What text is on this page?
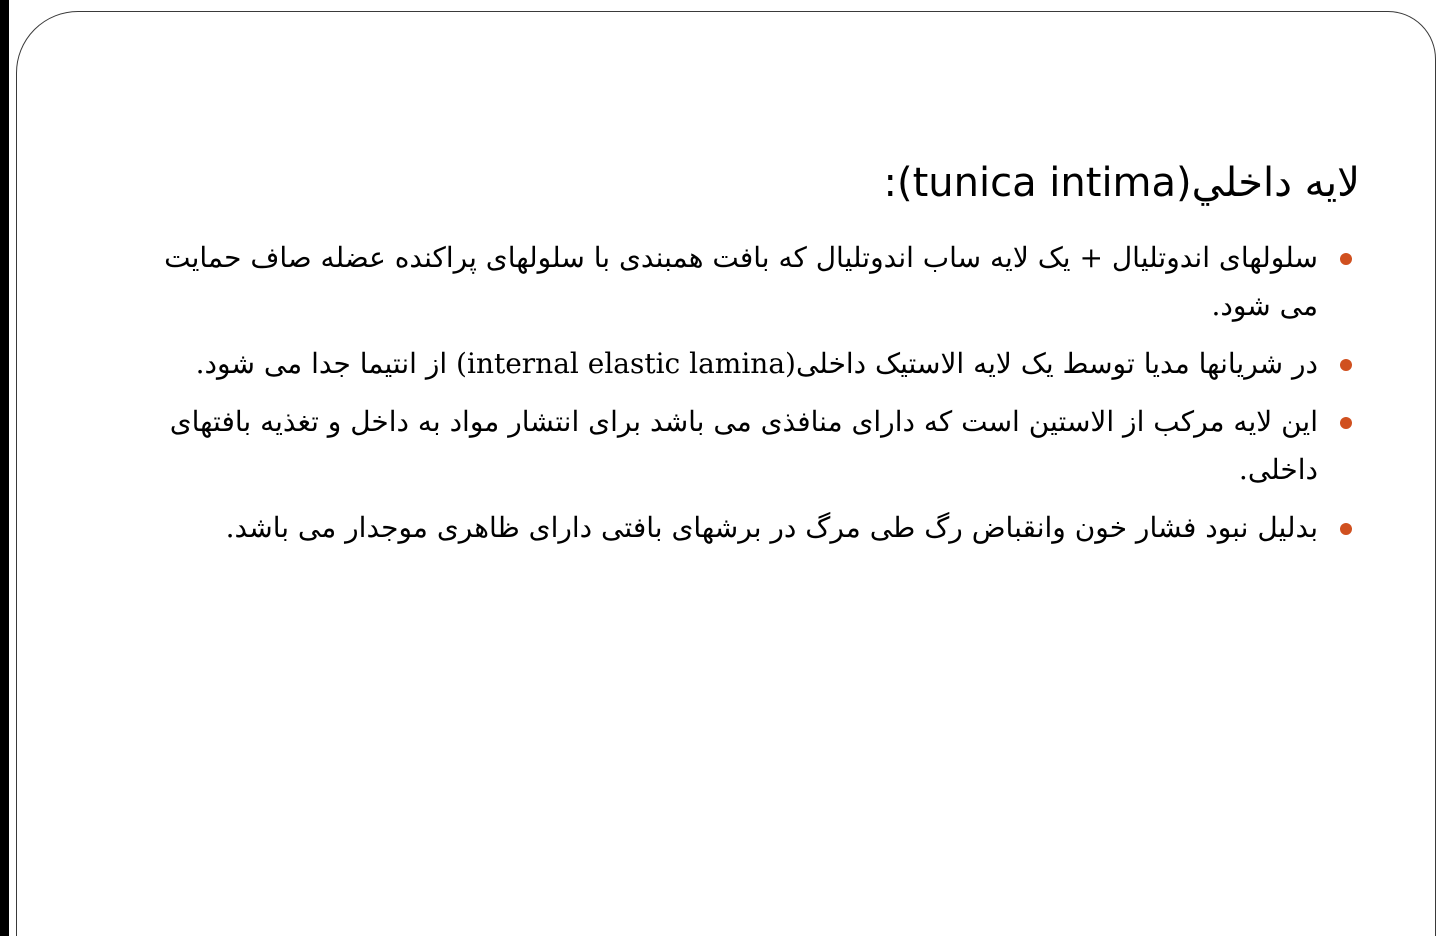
لايه داخلي(tunica intima):
سلولهای اندوتلیال + یک لایه ساب اندوتلیال که بافت همبندی با سلولهای پراکنده عضله صاف حمایت می شود.
در شریانها مدیا توسط یک لایه الاستیک داخلی(internal elastic lamina) از انتیما جدا می شود.
این لایه مرکب از الاستین است که دارای منافذی می باشد برای انتشار مواد به داخل و تغذیه بافتهای داخلی.
بدلیل نبود فشار خون وانقباض رگ طی مرگ در برشهای بافتی دارای ظاهری موجدار می باشد.
